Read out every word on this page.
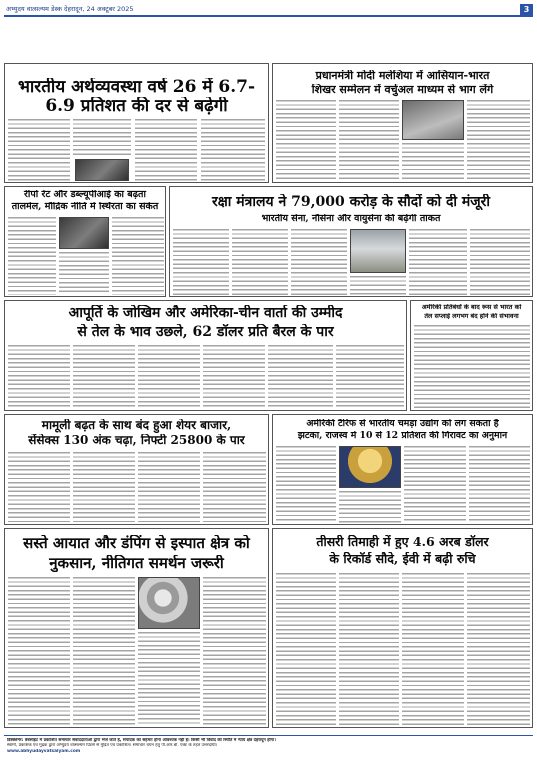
अभ्युदय वात्सल्यम डेस्क देहरादून, 24 अक्टूबर 2025	3
भारतीय अर्थव्यवस्था वर्ष 26 में 6.7-
6.9 प्रतिशत की दर से बढ़ेगी
प्रधानमंत्री मोदी मलेशिया में आसियान-भारत
शिखर सम्मेलन में वर्चुअल माध्यम से भाग लेंगे
रीपो रेट और डब्ल्यूपीआई का बढ़ता
तालमेल, मौद्रिक नीति में स्थिरता का संकेत	रक्षा मंत्रालय ने 79,000 करोड़ के सौदों को दी मंजूरी
भारतीय सेना, नौसेना और वायुसेना की बढ़ेगी ताकत
आपूर्ति के जोखिम और अमेरिका-चीन वार्ता की उम्मीद
से तेल के भाव उछले, 62 डॉलर प्रति बैरल के पार
अमेरिकी प्रतिबंधों के बाद रूस से भारत को
तेल सप्लाई लगभग बंद होने की संभावना
मामूली बढ़त के साथ बंद हुआ शेयर बाजार,
सेंसेक्स 130 अंक चढ़ा, निफ्टी 25800 के पार
अमेरिकी टैरिफ से भारतीय चमड़ा उद्योग को लग सकता है
झटका, राजस्व में 10 से 12 प्रतिशत की गिरावट का अनुमान
सस्ते आयात और डंपिंग से इस्पात क्षेत्र को
नुकसान, नीतिगत समर्थन जरूरी
तीसरी तिमाही में हुए 4.6 अरब डॉलर
के रिकॉर्ड सौदे, ईवी में बढ़ी रुचि
डिस्क्लेमर: वेबसाइट में प्रकाशित समाचार संवाददाताओं द्वारा भेजे जाते हैं, संपादक का सहमत होना आवश्यक नहीं है। किसी भी विवाद की स्थिति में न्याय क्षेत्र देहरादून होगा।
स्वामी, प्रकाशक एवं मुद्रक द्वारा अभ्युदय वात्सल्यम प्रिंटर्स से मुद्रित एवं प्रकाशित। समाचार चयन हेतु पी.आर.बी. एक्ट के तहत उत्तरदायी।
www.abhyudayvatsalyam.com
